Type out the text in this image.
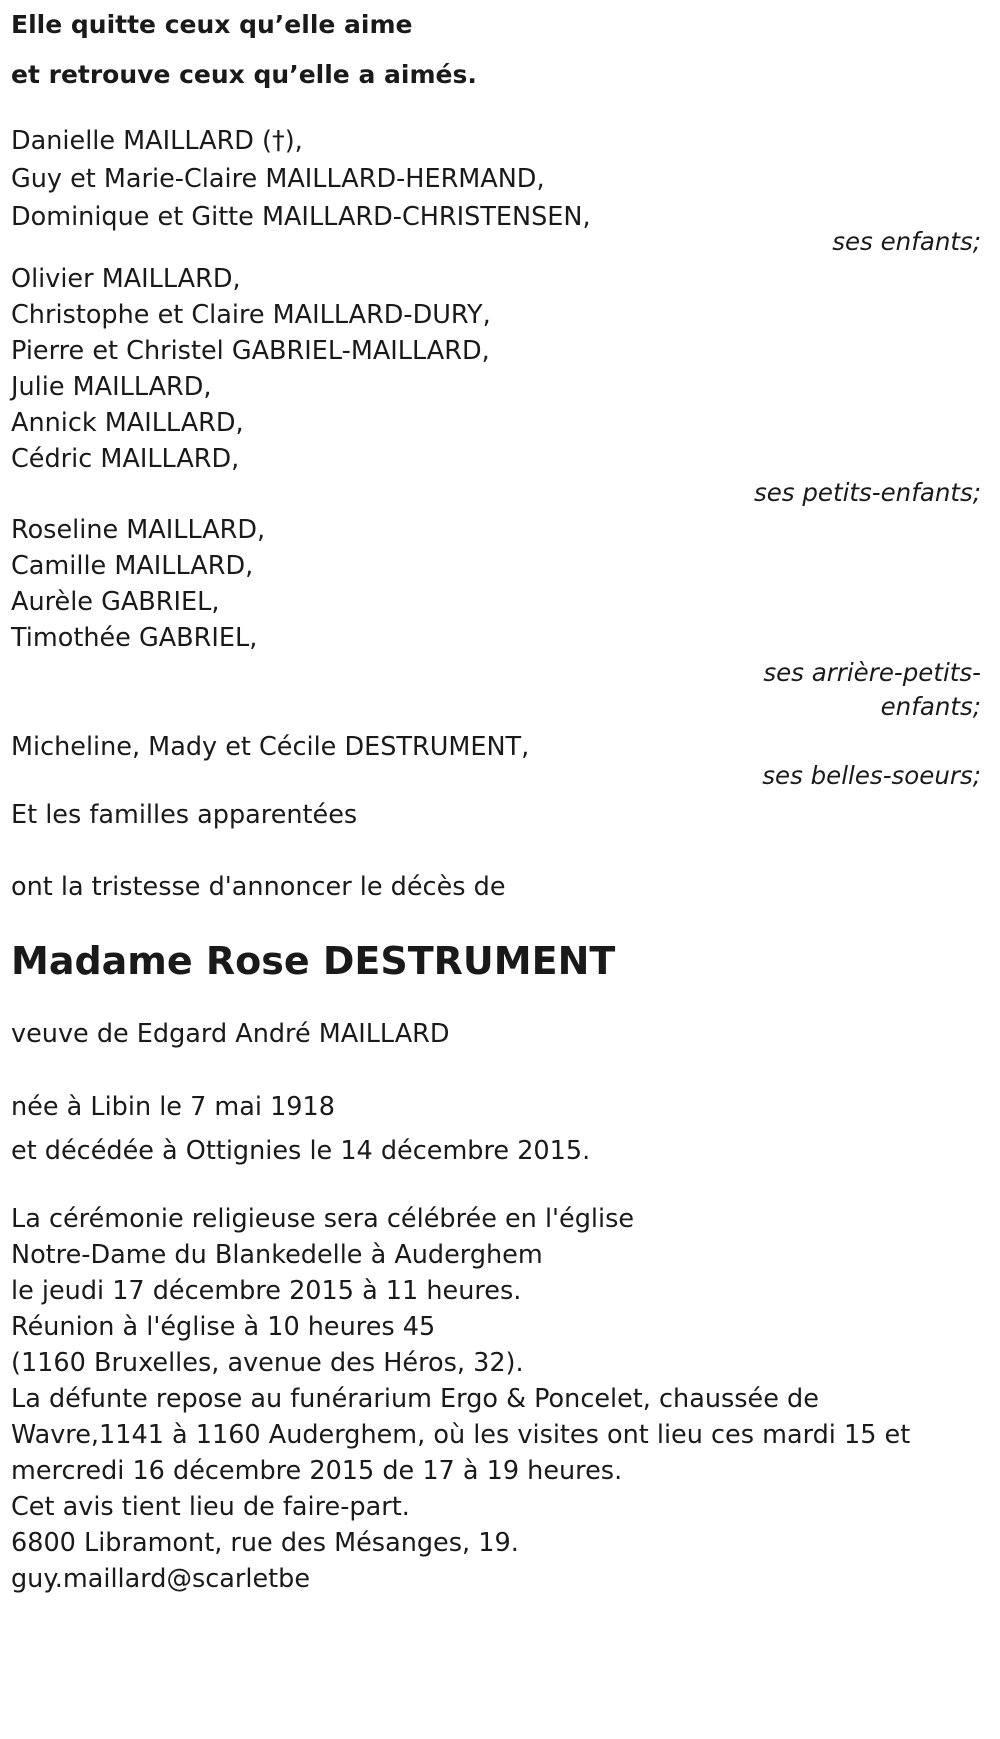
Elle quitte ceux qu’elle aime
et retrouve ceux qu’elle a aimés.
Danielle MAILLARD (†),
Guy et Marie-Claire MAILLARD-HERMAND,
Dominique et Gitte MAILLARD-CHRISTENSEN,
ses enfants;
Olivier MAILLARD,
Christophe et Claire MAILLARD-DURY,
Pierre et Christel GABRIEL-MAILLARD,
Julie MAILLARD,
Annick MAILLARD,
Cédric MAILLARD,
ses petits-enfants;
Roseline MAILLARD,
Camille MAILLARD,
Aurèle GABRIEL,
Timothée GABRIEL,
ses arrière-petits-
enfants;
Micheline, Mady et Cécile DESTRUMENT,
ses belles-soeurs;
Et les familles apparentées
ont la tristesse d'annoncer le décès de
Madame Rose DESTRUMENT
veuve de Edgard André MAILLARD
née à Libin le 7 mai 1918
et décédée à Ottignies le 14 décembre 2015.
La cérémonie religieuse sera célébrée en l'église
Notre-Dame du Blankedelle à Auderghem
le jeudi 17 décembre 2015 à 11 heures.
Réunion à l'église à 10 heures 45
(1160 Bruxelles, avenue des Héros, 32).
La défunte repose au funérarium Ergo & Poncelet, chaussée de
Wavre,1141 à 1160 Auderghem, où les visites ont lieu ces mardi 15 et
mercredi 16 décembre 2015 de 17 à 19 heures.
Cet avis tient lieu de faire-part.
6800 Libramont, rue des Mésanges, 19.
guy.maillard@scarletbe
